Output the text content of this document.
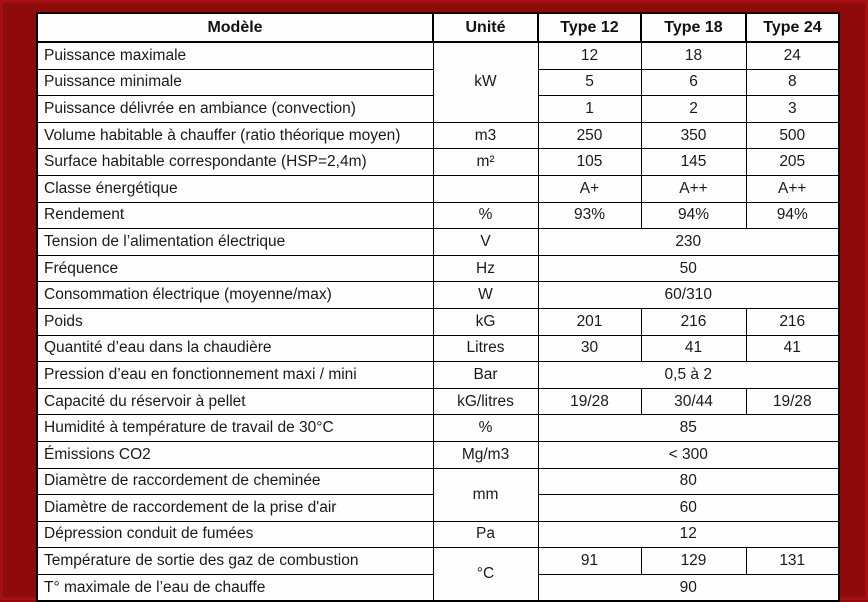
Modèle	Unité	Type 12	Type 18	Type 24
Puissance maximale	kW	12	18	24
Puissance minimale		5	6	8
Puissance délivrée en ambiance (convection)		1	2	3
Volume habitable à chauffer (ratio théorique moyen)	m3	250	350	500
Surface habitable correspondante (HSP=2,4m)	m²	105	145	205
Classe énergétique		A+	A++	A++
Rendement	%	93%	94%	94%
Tension de l’alimentation électrique	V	230		
Fréquence	Hz	50		
Consommation électrique (moyenne/max)	W	60/310		
Poids	kG	201	216	216
Quantité d’eau dans la chaudière	Litres	30	41	41
Pression d’eau en fonctionnement maxi / mini	Bar	0,5 à 2		
Capacité du réservoir à pellet	kG/litres	19/28	30/44	19/28
Humidité à température de travail de 30°C	%	85		
Émissions CO2	Mg/m3	< 300		
Diamètre de raccordement de cheminée	mm	80		
Diamètre de raccordement de la prise d'air		60		
Dépression conduit de fumées	Pa	12		
Température de sortie des gaz de combustion	°C	91	129	131
T° maximale de l’eau de chauffe		90		
